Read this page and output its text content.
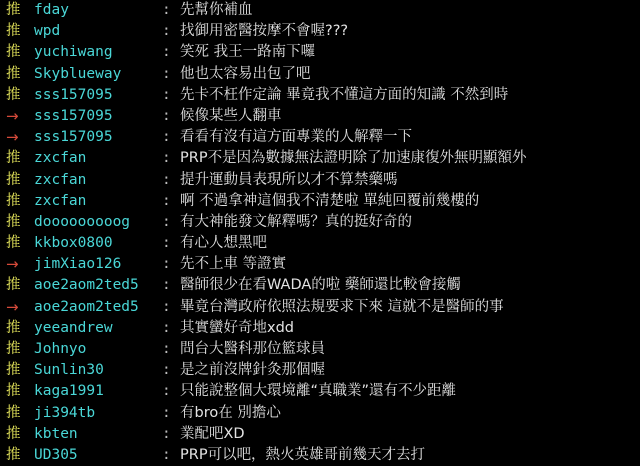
推 fday	: 先幫你補血
推 wpd	: 找御用密醫按摩不會喔???
推 yuchiwang	: 笑死 我王一路南下囉
推 Skyblueway	: 他也太容易出包了吧
推 sss157095	: 先卡不枉作定論 畢竟我不懂這方面的知識 不然到時
→	sss157095	: 候像某些人翻車
→	sss157095	: 看看有沒有這方面專業的人解釋一下
推 zxcfan	: PRP不是因為數據無法證明除了加速康復外無明顯額外
推 zxcfan	: 提升運動員表現所以才不算禁藥嗎
推 zxcfan	: 啊 不過拿神這個我不清楚啦 單純回覆前幾樓的
推 dooooooooog	: 有大神能發文解釋嗎？真的挺好奇的
推 kkbox0800	: 有心人想黑吧
→	jimXiao126	: 先不上車 等證實
推 aoe2aom2ted5	: 醫師很少在看WADA的啦 藥師還比較會接觸
→	aoe2aom2ted5	: 畢竟台灣政府依照法規要求下來 這就不是醫師的事
推 yeeandrew	: 其實蠻好奇地xdd
推 Johnyo	: 問台大醫科那位籃球員
推 Sunlin30	: 是之前沒牌針灸那個喔
推 kaga1991	: 只能說整個大環境離“真職業”還有不少距離
推 ji394tb	: 有bro在 別擔心
推 kbten	: 業配吧XD
推 UD305	: PRP可以吧，熱火英雄哥前幾天才去打
